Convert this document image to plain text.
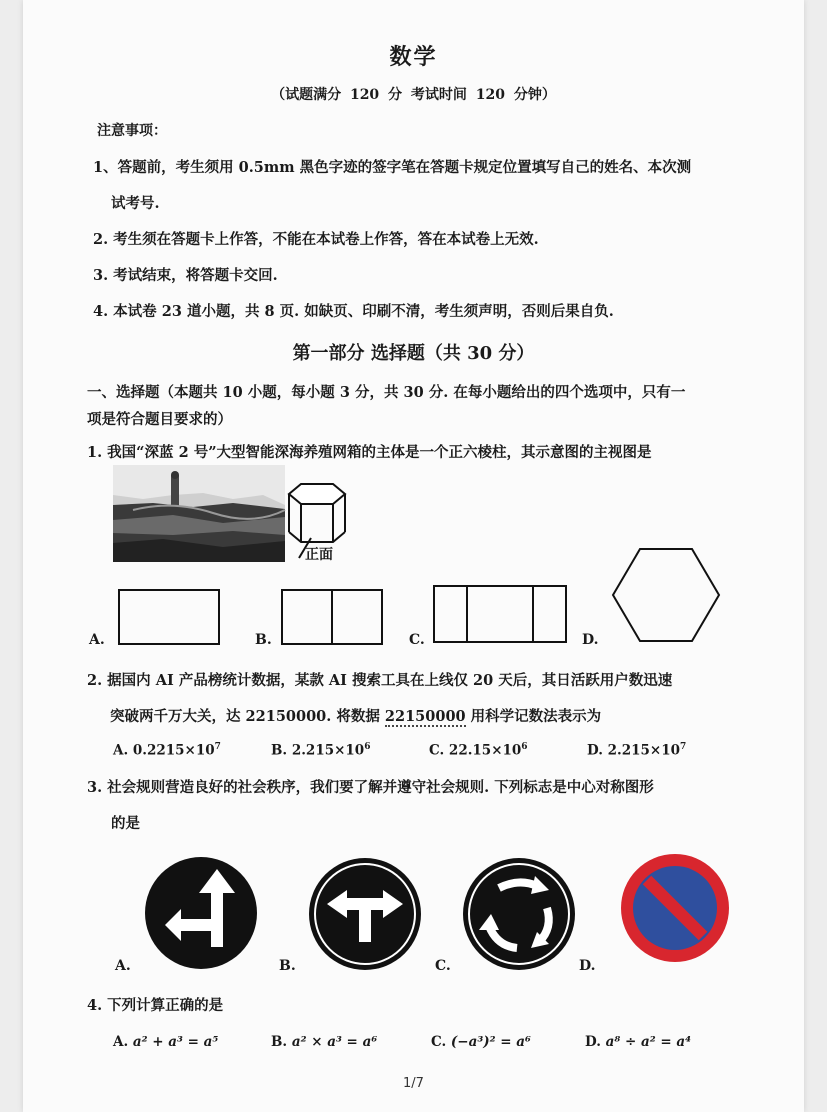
数学
（试题满分 120 分 考试时间 120 分钟）
注意事项：
1、答题前，考生须用 0.5mm 黑色字迹的签字笔在答题卡规定位置填写自己的姓名、本次测
试考号.
2. 考生须在答题卡上作答，不能在本试卷上作答，答在本试卷上无效.
3. 考试结束，将答题卡交回.
4. 本试卷 23 道小题，共 8 页. 如缺页、印刷不清，考生须声明，否则后果自负.
第一部分 选择题（共 30 分）
一、选择题（本题共 10 小题，每小题 3 分，共 30 分. 在每小题给出的四个选项中，只有一
项是符合题目要求的）
1. 我国“深蓝 2 号”大型智能深海养殖网箱的主体是一个正六棱柱，其示意图的主视图是
正面
A.	B.	C.	D.
2. 据国内 AI 产品榜统计数据，某款 AI 搜索工具在上线仅 20 天后，其日活跃用户数迅速
突破两千万大关，达 22150000. 将数据 22150000 用科学记数法表示为
A. $0.2215\times 10^7$	B. $2.215\times 10^6$	C. $22.15\times 10^6$	D. $2.215\times 10^7$
3. 社会规则营造良好的社会秩序，我们要了解并遵守社会规则. 下列标志是中心对称图形
的是
A.	B.	C.	D.
4. 下列计算正确的是
A. a² + a³ = a⁵	B. a² × a³ = a⁶	C. (−a³)² = a⁶	D. a⁸ ÷ a² = a⁴
1/7
